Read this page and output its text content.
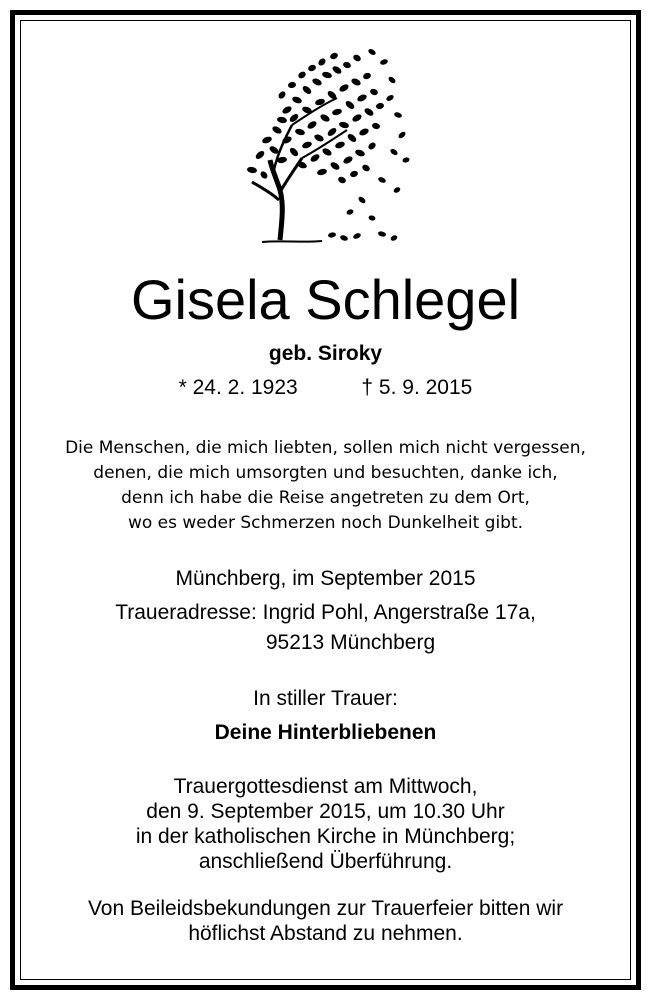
Gisela Schlegel
geb. Siroky
* 24. 2. 1923	† 5. 9. 2015
Die Menschen, die mich liebten, sollen mich nicht vergessen,
denen, die mich umsorgten und besuchten, danke ich,
denn ich habe die Reise angetreten zu dem Ort,
wo es weder Schmerzen noch Dunkelheit gibt.
Münchberg, im September 2015
Traueradresse: Ingrid Pohl, Angerstraße 17a,
95213 Münchberg
In stiller Trauer:
Deine Hinterbliebenen
Trauergottesdienst am Mittwoch,
den 9. September 2015, um 10.30 Uhr
in der katholischen Kirche in Münchberg;
anschließend Überführung.
Von Beileidsbekundungen zur Trauerfeier bitten wir
höflichst Abstand zu nehmen.
